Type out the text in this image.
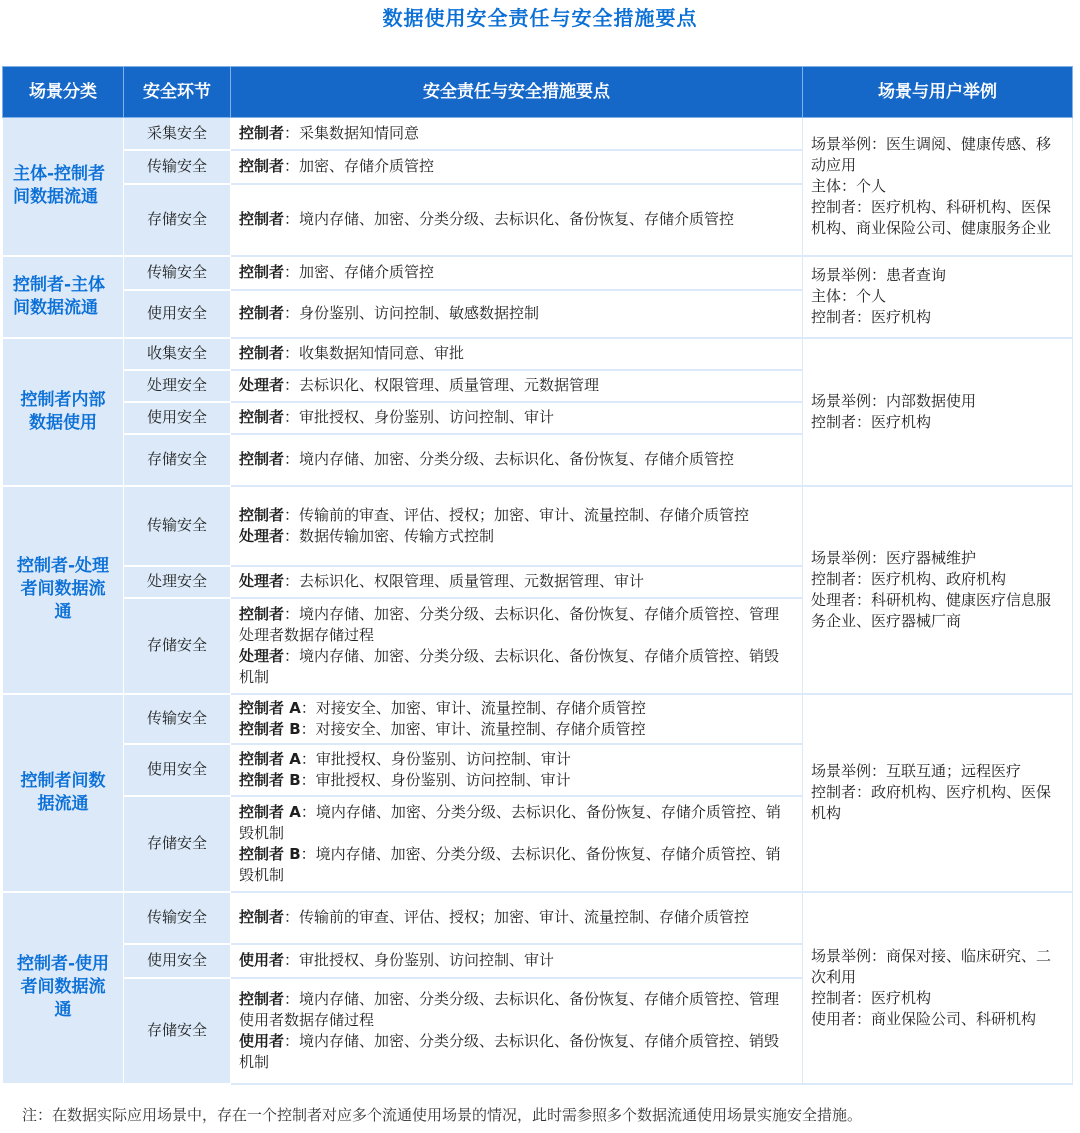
数据使用安全责任与安全措施要点
场景分类	安全环节	安全责任与安全措施要点	场景与用户举例
主体-控制者间数据流通	采集安全	控制者：采集数据知情同意	场景举例：医生调阅、健康传感、移动应用
主体：个人
控制者：医疗机构、科研机构、医保机构、商业保险公司、健康服务企业

	传输安全	控制者：加密、存储介质管控	

	存储安全	控制者：境内存储、加密、分类分级、去标识化、备份恢复、存储介质管控	

控制者-主体间数据流通	传输安全	控制者：加密、存储介质管控	场景举例：患者查询
主体：个人
控制者：医疗机构

	使用安全	控制者：身份鉴别、访问控制、敏感数据控制	

控制者内部数据使用	收集安全	控制者：收集数据知情同意、审批	场景举例：内部数据使用
控制者：医疗机构

	处理安全	处理者：去标识化、权限管理、质量管理、元数据管理	

	使用安全	控制者：审批授权、身份鉴别、访问控制、审计	

	存储安全	控制者：境内存储、加密、分类分级、去标识化、备份恢复、存储介质管控	

控制者-处理者间数据流通	传输安全	控制者：传输前的审查、评估、授权；加密、审计、流量控制、存储介质管控
处理者：数据传输加密、传输方式控制	场景举例：医疗器械维护
控制者：医疗机构、政府机构
处理者：科研机构、健康医疗信息服务企业、医疗器械厂商

	处理安全	处理者：去标识化、权限管理、质量管理、元数据管理、审计	

	存储安全	控制者：境内存储、加密、分类分级、去标识化、备份恢复、存储介质管控、管理处理者数据存储过程
处理者：境内存储、加密、分类分级、去标识化、备份恢复、存储介质管控、销毁机制	

控制者间数据流通	传输安全	控制者 A：对接安全、加密、审计、流量控制、存储介质管控
控制者 B：对接安全、加密、审计、流量控制、存储介质管控	场景举例：互联互通；远程医疗
控制者：政府机构、医疗机构、医保机构

	使用安全	控制者 A：审批授权、身份鉴别、访问控制、审计
控制者 B：审批授权、身份鉴别、访问控制、审计	

	存储安全	控制者 A：境内存储、加密、分类分级、去标识化、备份恢复、存储介质管控、销毁机制
控制者 B：境内存储、加密、分类分级、去标识化、备份恢复、存储介质管控、销毁机制	

控制者-使用者间数据流通	传输安全	控制者：传输前的审查、评估、授权；加密、审计、流量控制、存储介质管控	场景举例：商保对接、临床研究、二次利用
控制者：医疗机构
使用者：商业保险公司、科研机构

	使用安全	使用者：审批授权、身份鉴别、访问控制、审计	

	存储安全	控制者：境内存储、加密、分类分级、去标识化、备份恢复、存储介质管控、管理使用者数据存储过程
使用者：境内存储、加密、分类分级、去标识化、备份恢复、存储介质管控、销毁机制	
注：在数据实际应用场景中，存在一个控制者对应多个流通使用场景的情况，此时需参照多个数据流通使用场景实施安全措施。
